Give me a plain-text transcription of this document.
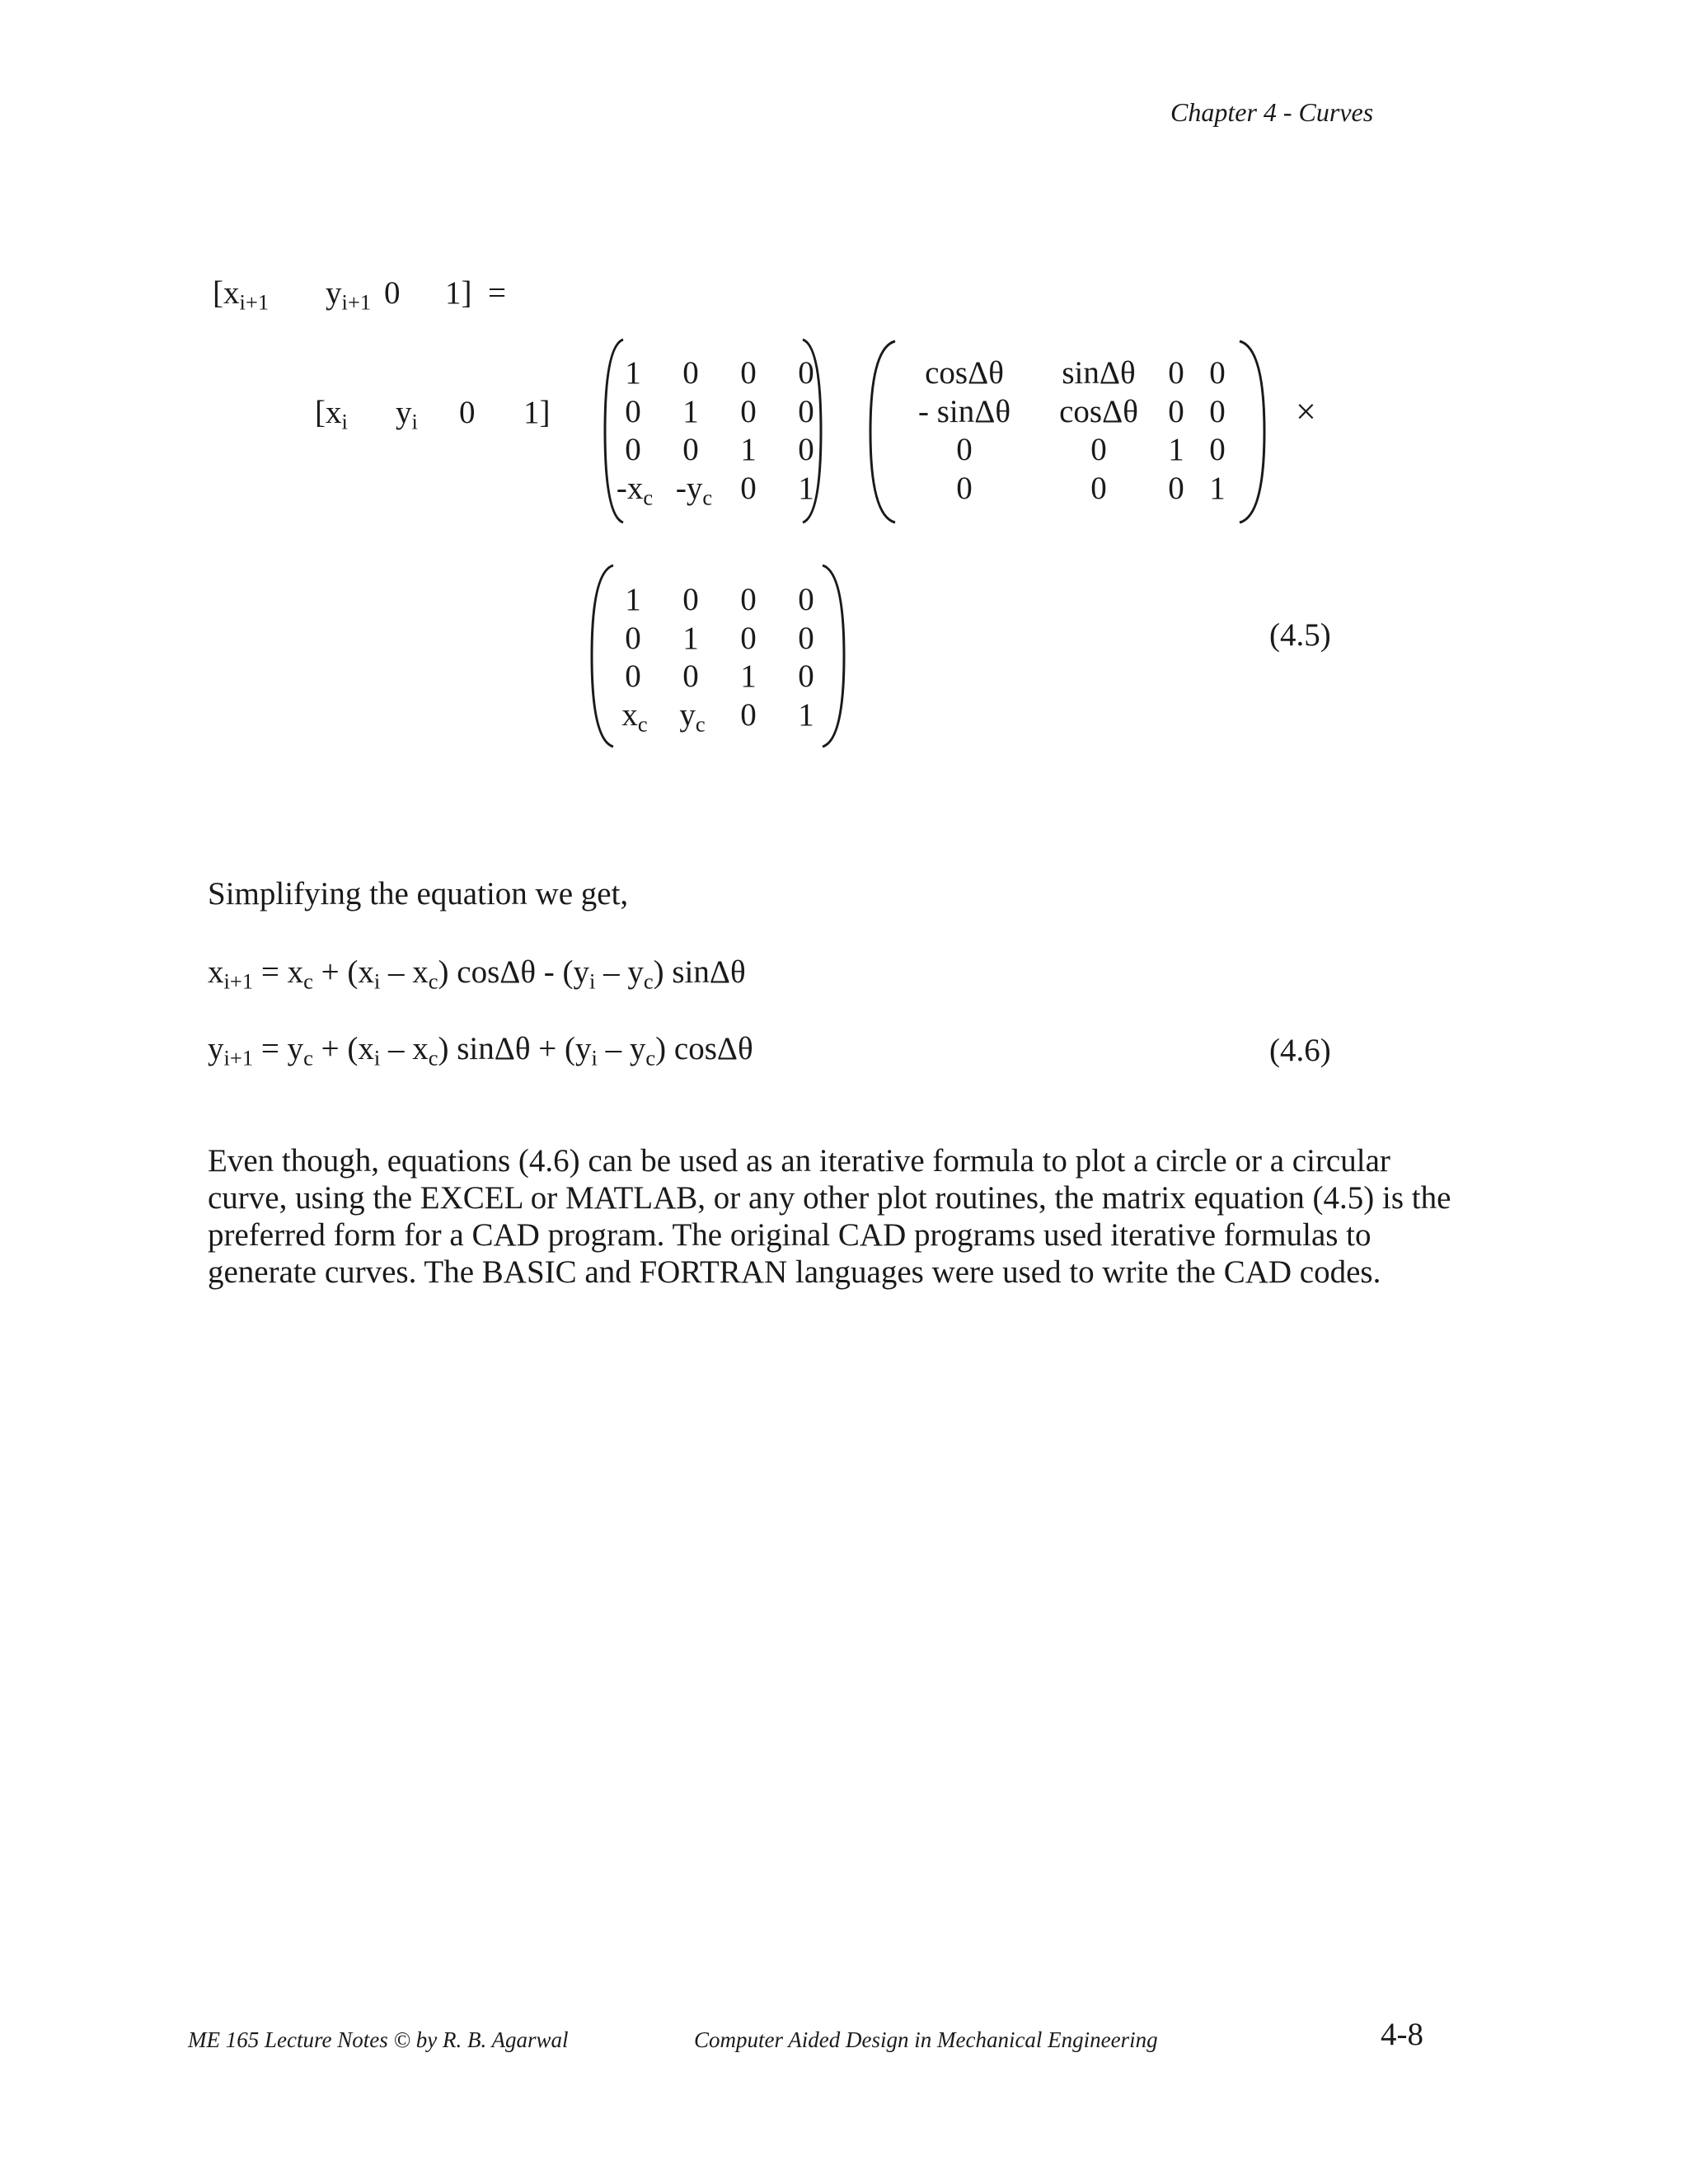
Chapter 4 - Curves
[$x_{i+1}$ $y_{i+1}$ 0 1] =
[$x_i$ $y_i$ 0 1]
1	0	0	0
0	1	0	0
0	0	1	0
$-x_c$ $-y_c$ 0	1
cosΔθ	sinΔθ	0 0
- sinΔθ	cosΔθ 0 0
0	0	1 0
0	0	0 1
×
1	0	0	0
0	1	0	0
0	0	1	0
$x_c$ $y_c$	0	1
(4.5)
Simplifying the equation we get,
$x_{i+1} = x_c + (x_i - x_c)$ cosΔθ - $(y_i - y_c)$ sinΔθ
$y_{i+1} = y_c + (x_i - x_c) \sin\Delta\theta + (y_i - y_c)$ cosΔθ	(4.6)
Even though, equations (4.6) can be used as an iterative formula to plot a circle or a circular
curve, using the EXCEL or MATLAB, or any other plot routines, the matrix equation (4.5) is the
preferred form for a CAD program. The original CAD programs used iterative formulas to
generate curves. The BASIC and FORTRAN languages were used to write the CAD codes.
ME 165 Lecture Notes © by R. B. Agarwal	Computer Aided Design in Mechanical Engineering	4-8
